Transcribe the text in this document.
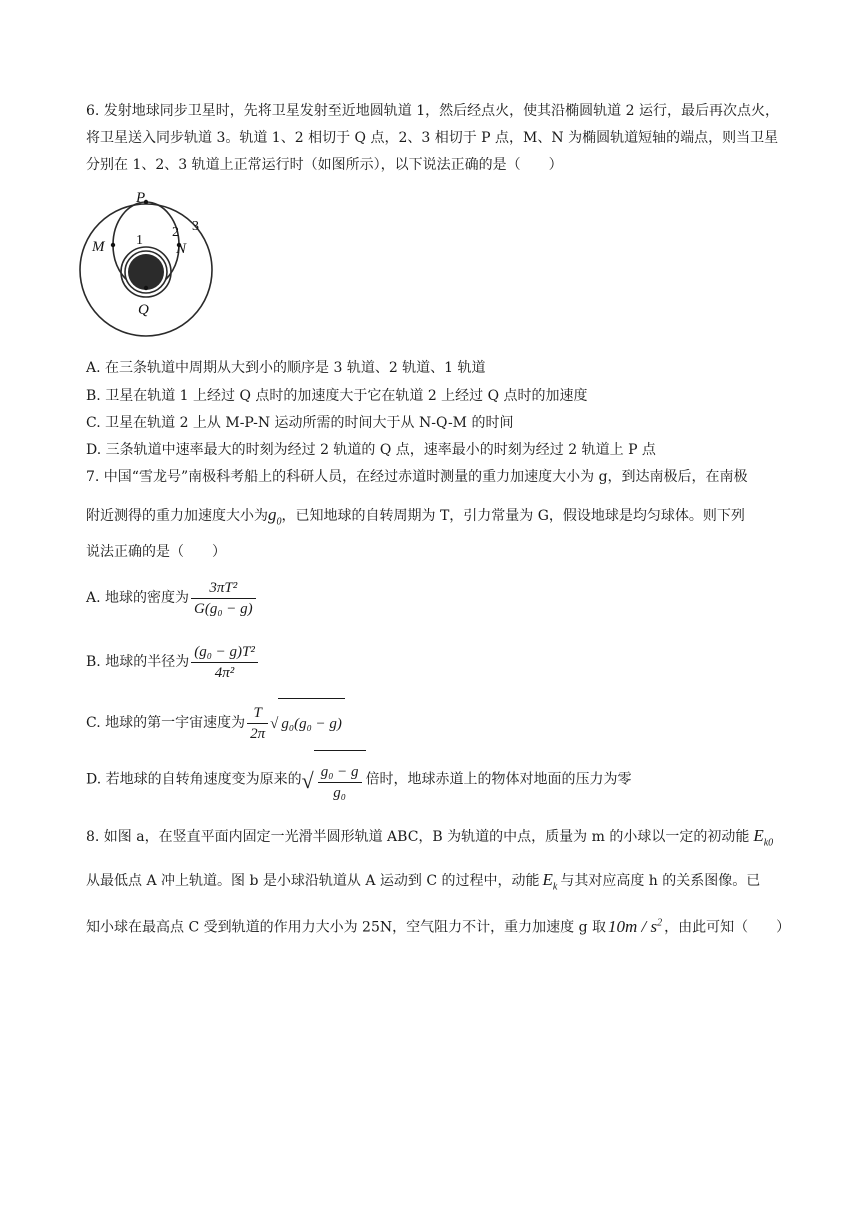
6. 发射地球同步卫星时，先将卫星发射至近地圆轨道 1，然后经点火，使其沿椭圆轨道 2 运行，最后再次点火，
将卫星送入同步轨道 3。轨道 1、2 相切于 Q 点，2、3 相切于 P 点，M、N 为椭圆轨道短轴的端点，则当卫星
分别在 1、2、3 轨道上正常运行时（如图所示），以下说法正确的是（　　）
P
Q
M	N
1
2 3
A. 在三条轨道中周期从大到小的顺序是 3 轨道、2 轨道、1 轨道
B. 卫星在轨道 1 上经过 Q 点时的加速度大于它在轨道 2 上经过 Q 点时的加速度
C. 卫星在轨道 2 上从 M-P-N 运动所需的时间大于从 N-Q-M 的时间
D. 三条轨道中速率最大的时刻为经过 2 轨道的 Q 点，速率最小的时刻为经过 2 轨道上 P 点
7. 中国“雪龙号”南极科考船上的科研人员，在经过赤道时测量的重力加速度大小为 g，到达南极后，在南极
附近测得的重力加速度大小为$g_0$，已知地球的自转周期为 T，引力常量为 G，假设地球是均匀球体。则下列
说法正确的是（　　）
A. 地球的密度为 $\frac{\text{3πT²}}{\text{G(g₀ − g)}}$
B. 地球的半径为 $\frac{\text{(g₀ − g)T²}}{\text{4π²}}$
C. 地球的第一宇宙速度为 $\frac{T}{2\pi}$ √ g₀(g₀ − g)
D. 若地球的自转角速度变为原来的√ $\frac{\text{g₀ − g}}{\text{g₀}}$ 倍时，地球赤道上的物体对地面的压力为零
8. 如图 a，在竖直平面内固定一光滑半圆形轨道 ABC，B 为轨道的中点，质量为 m 的小球以一定的初动能 $E_{k0}$
从最低点 A 冲上轨道。图 b 是小球沿轨道从 A 运动到 C 的过程中，动能 $E_k$ 与其对应高度 h 的关系图像。已
知小球在最高点 C 受到轨道的作用力大小为 25N，空气阻力不计，重力加速度 g 取 $10m / s^2$ ，由此可知（　　）
